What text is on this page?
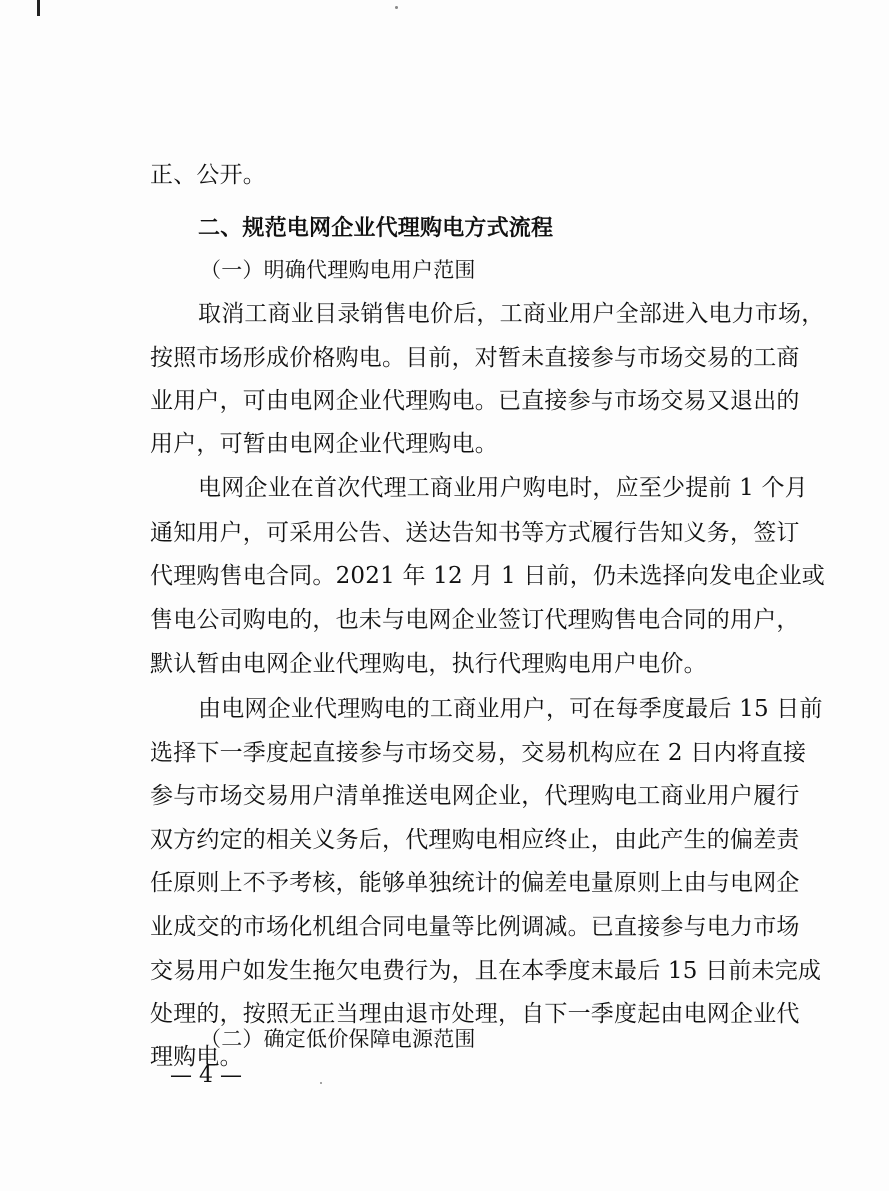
正、公开。
二、规范电网企业代理购电方式流程
（一）明确代理购电用户范围
取消工商业目录销售电价后，工商业用户全部进入电力市场，
按照市场形成价格购电。目前，对暂未直接参与市场交易的工商
业用户，可由电网企业代理购电。已直接参与市场交易又退出的
用户，可暂由电网企业代理购电。
电网企业在首次代理工商业用户购电时，应至少提前 1 个月
通知用户，可采用公告、送达告知书等方式履行告知义务，签订
代理购售电合同。2021 年 12 月 1 日前，仍未选择向发电企业或
售电公司购电的，也未与电网企业签订代理购售电合同的用户，
默认暂由电网企业代理购电，执行代理购电用户电价。
由电网企业代理购电的工商业用户，可在每季度最后 15 日前
选择下一季度起直接参与市场交易，交易机构应在 2 日内将直接
参与市场交易用户清单推送电网企业，代理购电工商业用户履行
双方约定的相关义务后，代理购电相应终止，由此产生的偏差责
任原则上不予考核，能够单独统计的偏差电量原则上由与电网企
业成交的市场化机组合同电量等比例调减。已直接参与电力市场
交易用户如发生拖欠电费行为，且在本季度末最后 15 日前未完成
处理的，按照无正当理由退市处理，自下一季度起由电网企业代
理购电。
（二）确定低价保障电源范围
— 4 —
